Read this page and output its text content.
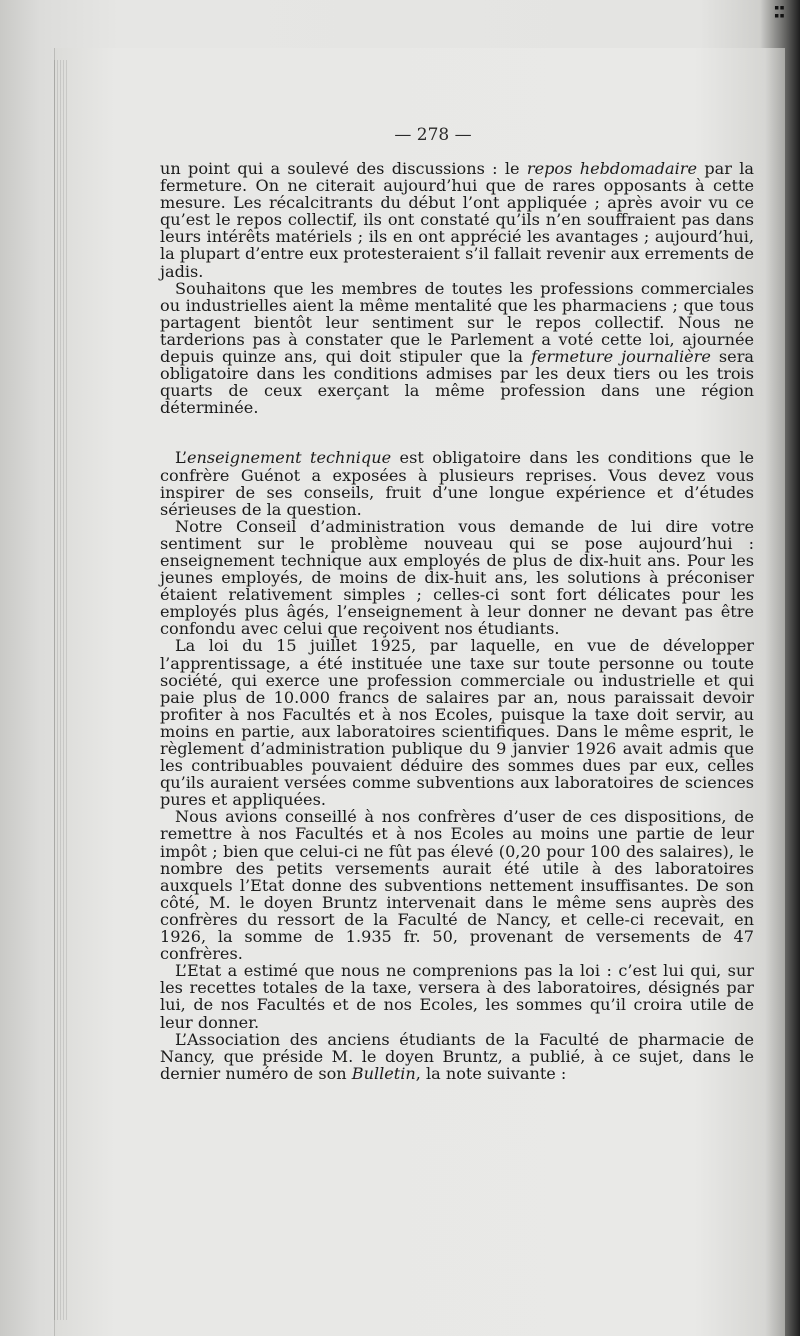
▪▪
▪▪
— 278 —

un point qui a soulevé des discussions : le repos hebdomadaire par la fermeture. On ne citerait aujourd’hui que de rares opposants à cette mesure. Les récalcitrants du début l’ont appliquée ; après avoir vu ce qu’est le repos collectif, ils ont constaté qu’ils n’en souffraient pas dans leurs intérêts matériels ; ils en ont apprécié les avantages ; aujourd’hui, la plupart d’entre eux protesteraient s’il fallait revenir aux errements de jadis.

Souhaitons que les membres de toutes les professions commerciales ou industrielles aient la même mentalité que les pharmaciens ; que tous partagent bientôt leur sentiment sur le repos collectif. Nous ne tarderions pas à constater que le Parlement a voté cette loi, ajournée depuis quinze ans, qui doit stipuler que la fermeture journalière sera obligatoire dans les conditions admises par les deux tiers ou les trois quarts de ceux exerçant la même profession dans une région déterminée.

L’enseignement technique est obligatoire dans les conditions que le confrère Guénot a exposées à plusieurs reprises. Vous devez vous inspirer de ses conseils, fruit d’une longue expérience et d’études sérieuses de la question.

Notre Conseil d’administration vous demande de lui dire votre sentiment sur le problème nouveau qui se pose aujourd’hui : enseignement technique aux employés de plus de dix-huit ans. Pour les jeunes employés, de moins de dix-huit ans, les solutions à préconiser étaient relativement simples ; celles-ci sont fort délicates pour les employés plus âgés, l’enseignement à leur donner ne devant pas être confondu avec celui que reçoivent nos étudiants.

La loi du 15 juillet 1925, par laquelle, en vue de développer l’apprentissage, a été instituée une taxe sur toute personne ou toute société, qui exerce une profession commerciale ou industrielle et qui paie plus de 10.000 francs de salaires par an, nous paraissait devoir profiter à nos Facultés et à nos Ecoles, puisque la taxe doit servir, au moins en partie, aux laboratoires scientifiques. Dans le même esprit, le règlement d’administration publique du 9 janvier 1926 avait admis que les contribuables pouvaient déduire des sommes dues par eux, celles qu’ils auraient versées comme subventions aux laboratoires de sciences pures et appliquées.

Nous avions conseillé à nos confrères d’user de ces dispositions, de remettre à nos Facultés et à nos Ecoles au moins une partie de leur impôt ; bien que celui-ci ne fût pas élevé (0,20 pour 100 des salaires), le nombre des petits versements aurait été utile à des laboratoires auxquels l’Etat donne des subventions nettement insuffisantes. De son côté, M. le doyen Bruntz intervenait dans le même sens auprès des confrères du ressort de la Faculté de Nancy, et celle-ci recevait, en 1926, la somme de 1.935 fr. 50, provenant de versements de 47 confrères.

L’Etat a estimé que nous ne comprenions pas la loi : c’est lui qui, sur les recettes totales de la taxe, versera à des laboratoires, désignés par lui, de nos Facultés et de nos Ecoles, les sommes qu’il croira utile de leur donner.

L’Association des anciens étudiants de la Faculté de pharmacie de Nancy, que préside M. le doyen Bruntz, a publié, à ce sujet, dans le dernier numéro de son Bulletin, la note suivante :
